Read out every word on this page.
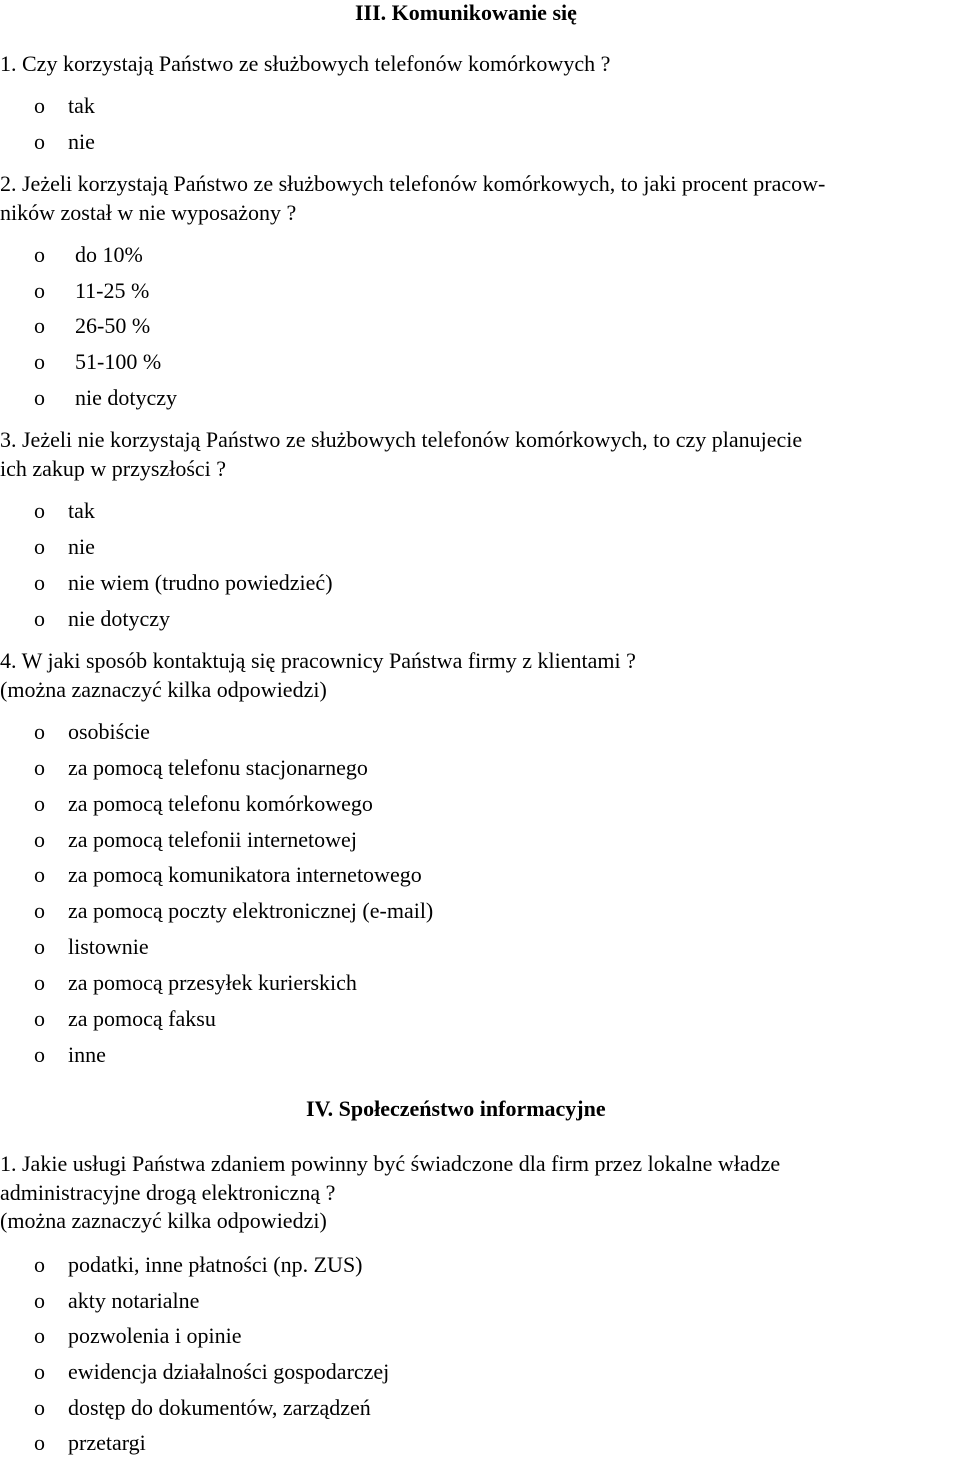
III. Komunikowanie się
1. Czy korzystają Państwo ze służbowych telefonów komórkowych ?
o tak
o nie
2. Jeżeli korzystają Państwo ze służbowych telefonów komórkowych, to jaki procent pracow-
ników został w nie wyposażony ?
o do 10%
o 11-25 %
o 26-50 %
o 51-100 %
o nie dotyczy
3. Jeżeli nie korzystają Państwo ze służbowych telefonów komórkowych, to czy planujecie
ich zakup w przyszłości ?
o tak
o nie
o nie wiem (trudno powiedzieć)
o nie dotyczy
4. W jaki sposób kontaktują się pracownicy Państwa firmy z klientami ?
(można zaznaczyć kilka odpowiedzi)
o osobiście
o za pomocą telefonu stacjonarnego
o za pomocą telefonu komórkowego
o za pomocą telefonii internetowej
o za pomocą komunikatora internetowego
o za pomocą poczty elektronicznej (e-mail)
o listownie
o za pomocą przesyłek kurierskich
o za pomocą faksu
o inne
IV. Społeczeństwo informacyjne
1. Jakie usługi Państwa zdaniem powinny być świadczone dla firm przez lokalne władze
administracyjne drogą elektroniczną ?
(można zaznaczyć kilka odpowiedzi)
o podatki, inne płatności (np. ZUS)
o akty notarialne
o pozwolenia i opinie
o ewidencja działalności gospodarczej
o dostęp do dokumentów, zarządzeń
o przetargi
